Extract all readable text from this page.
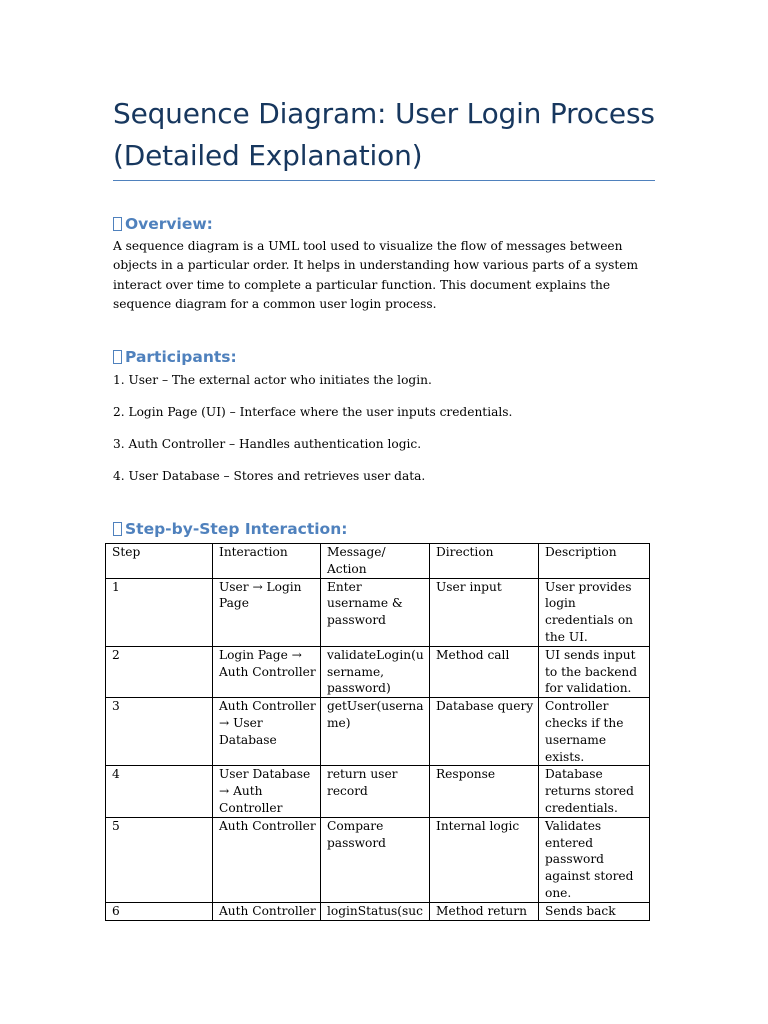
Sequence Diagram: User Login Process (Detailed Explanation)
Overview:

A sequence diagram is a UML tool used to visualize the flow of messages between objects in a particular order. It helps in understanding how various parts of a system interact over time to complete a particular function. This document explains the sequence diagram for a common user login process.

Participants:

1. User – The external actor who initiates the login.

2. Login Page (UI) – Interface where the user inputs credentials.

3. Auth Controller – Handles authentication logic.

4. User Database – Stores and retrieves user data.

Step-by-Step Interaction:
Step	Interaction	Message/ Action	Direction	Description
1	User → Login Page	Enter username & password	User input	User provides login credentials on the UI.
2	Login Page → Auth Controller	validateLogin(username, password)	Method call	UI sends input to the backend for validation.
3	Auth Controller → User Database	getUser(username)	Database query	Controller checks if the username exists.
4	User Database → Auth Controller	return user record	Response	Database returns stored credentials.
5	Auth Controller	Compare password	Internal logic	Validates entered password against stored one.
6	Auth Controller	loginStatus(suc	Method return	Sends back
